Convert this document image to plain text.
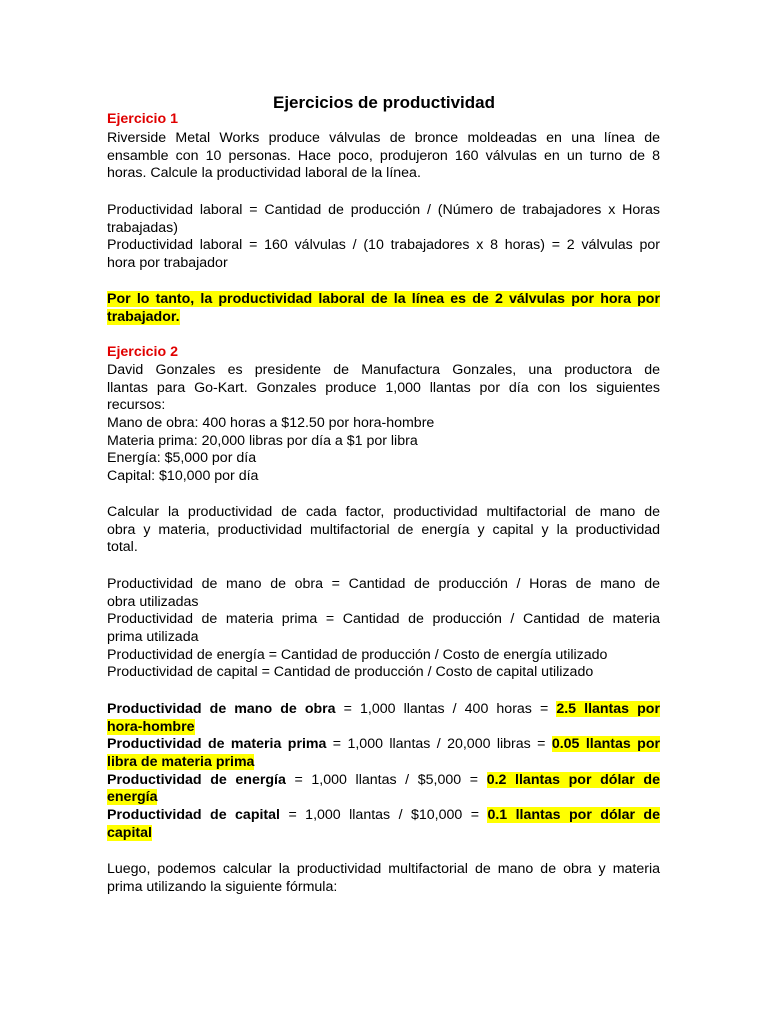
Ejercicios de productividad
Ejercicio 1
Riverside Metal Works produce válvulas de bronce moldeadas en una línea de
ensamble con 10 personas. Hace poco, produjeron 160 válvulas en un turno de 8
horas. Calcule la productividad laboral de la línea.
Productividad laboral = Cantidad de producción / (Número de trabajadores x Horas
trabajadas)
Productividad laboral = 160 válvulas / (10 trabajadores x 8 horas) = 2 válvulas por
hora por trabajador
Por lo tanto, la productividad laboral de la línea es de 2 válvulas por hora por
trabajador.
Ejercicio 2
David Gonzales es presidente de Manufactura Gonzales, una productora de
llantas para Go-Kart. Gonzales produce 1,000 llantas por día con los siguientes
recursos:
Mano de obra: 400 horas a $12.50 por hora-hombre
Materia prima: 20,000 libras por día a $1 por libra
Energía: $5,000 por día
Capital: $10,000 por día
Calcular la productividad de cada factor, productividad multifactorial de mano de
obra y materia, productividad multifactorial de energía y capital y la productividad
total.
Productividad de mano de obra = Cantidad de producción / Horas de mano de
obra utilizadas
Productividad de materia prima = Cantidad de producción / Cantidad de materia
prima utilizada
Productividad de energía = Cantidad de producción / Costo de energía utilizado
Productividad de capital = Cantidad de producción / Costo de capital utilizado
Productividad de mano de obra = 1,000 llantas / 400 horas = 2.5 llantas por
hora-hombre
Productividad de materia prima = 1,000 llantas / 20,000 libras = 0.05 llantas por
libra de materia prima
Productividad de energía = 1,000 llantas / $5,000 = 0.2 llantas por dólar de
energía
Productividad de capital = 1,000 llantas / $10,000 = 0.1 llantas por dólar de
capital
Luego, podemos calcular la productividad multifactorial de mano de obra y materia
prima utilizando la siguiente fórmula:
